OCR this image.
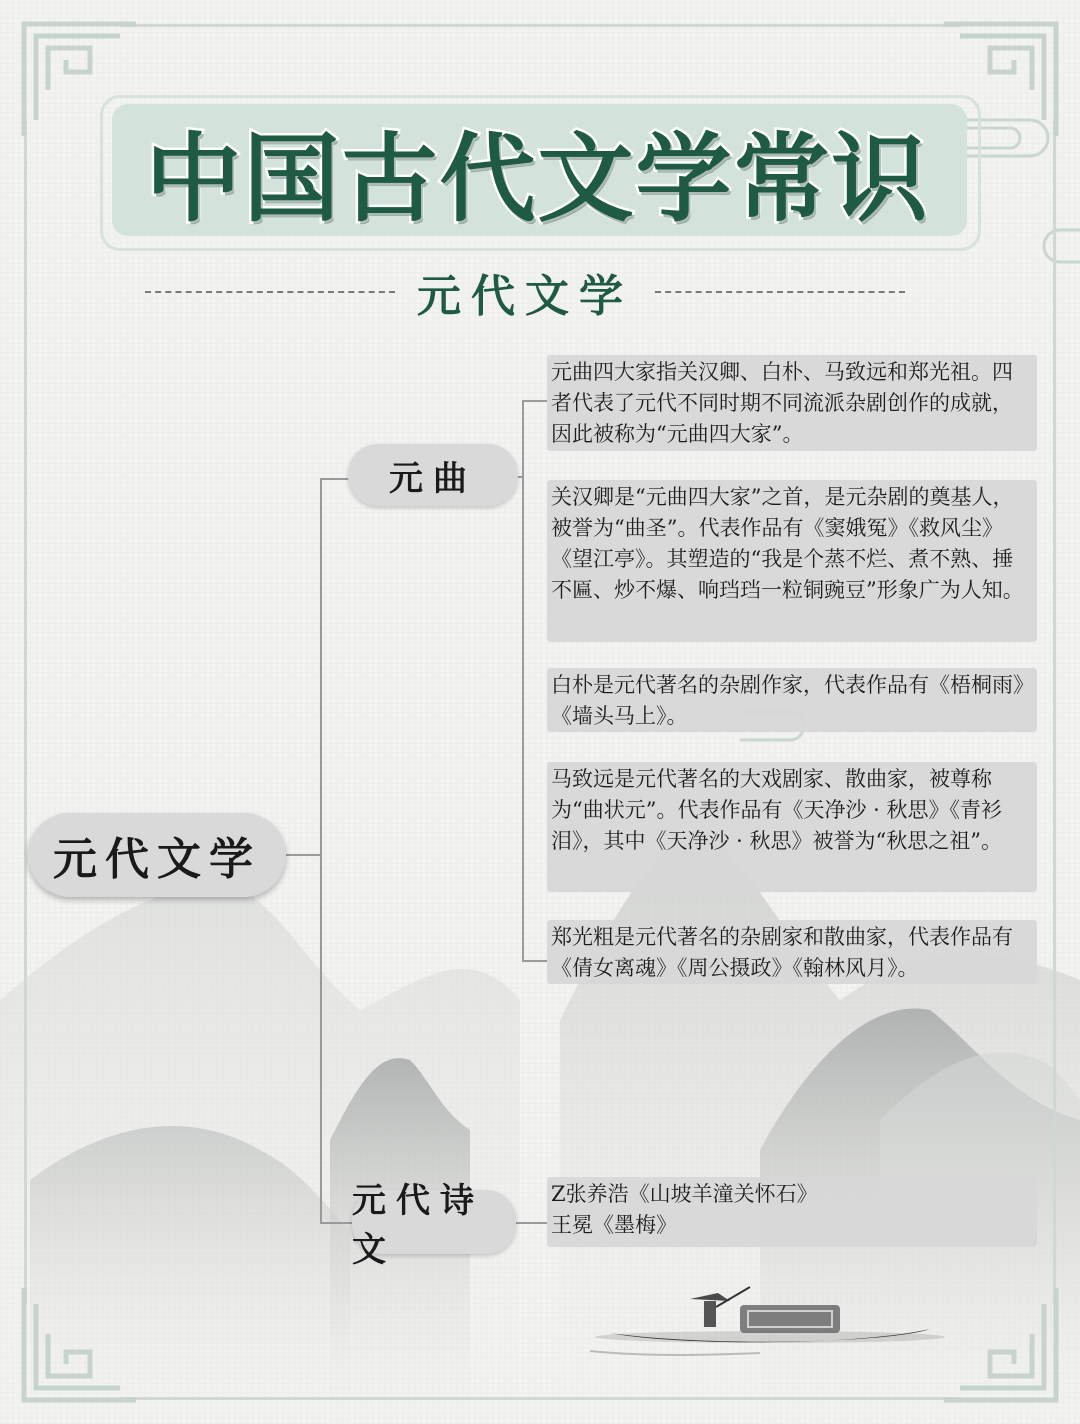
中国古代文学常识
元代文学
元代文学
元曲
元代诗文
元曲四大家指关汉卿、白朴、马致远和郑光祖。四者代表了元代不同时期不同流派杂剧创作的成就，因此被称为“元曲四大家”。
关汉卿是“元曲四大家”之首，是元杂剧的奠基人，被誉为“曲圣”。代表作品有《窦娥冤》《救风尘》《望江亭》。其塑造的“我是个蒸不烂、煮不熟、捶不匾、炒不爆、响珰珰一粒铜豌豆”形象广为人知。
白朴是元代著名的杂剧作家，代表作品有《梧桐雨》《墙头马上》。
马致远是元代著名的大戏剧家、散曲家，被尊称为“曲状元”。代表作品有《天净沙 · 秋思》《青衫泪》，其中《天净沙 · 秋思》被誉为“秋思之祖”。
郑光粗是元代著名的杂剧家和散曲家，代表作品有《倩女离魂》《周公摄政》《翰林风月》。
Z张养浩《山坡羊潼关怀石》
王冕《墨梅》
